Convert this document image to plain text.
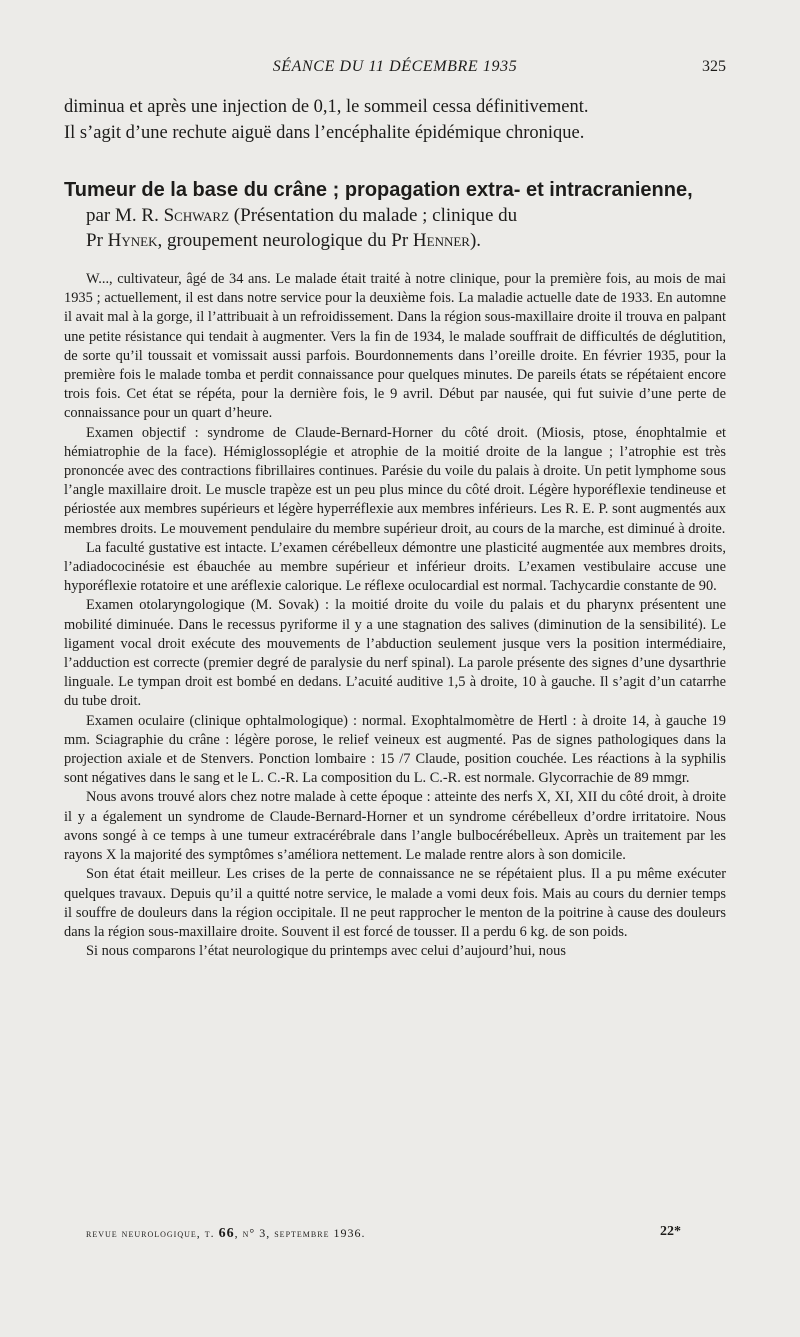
SÉANCE DU 11 DÉCEMBRE 1935	325

diminua et après une injection de 0,1, le sommeil cessa définitivement.

Il s’agit d’une rechute aiguë dans l’encéphalite épidémique chronique.

Tumeur de la base du crâne ; propagation extra- et intracranienne,
par M. R. Schwarz (Présentation du malade ; clinique du
Pr Hynek, groupement neurologique du Pr Henner).

W..., cultivateur, âgé de 34 ans. Le malade était traité à notre clinique, pour la première fois, au mois de mai 1935 ; actuellement, il est dans notre service pour la deuxième fois. La maladie actuelle date de 1933. En automne il avait mal à la gorge, il l’attribuait à un refroidissement. Dans la région sous-maxillaire droite il trouva en palpant une petite résistance qui tendait à augmenter. Vers la fin de 1934, le malade souffrait de difficultés de déglutition, de sorte qu’il toussait et vomissait aussi parfois. Bourdonnements dans l’oreille droite. En février 1935, pour la première fois le malade tomba et perdit connaissance pour quelques minutes. De pareils états se répétaient encore trois fois. Cet état se répéta, pour la dernière fois, le 9 avril. Début par nausée, qui fut suivie d’une perte de connaissance pour un quart d’heure.

Examen objectif : syndrome de Claude-Bernard-Horner du côté droit. (Miosis, ptose, énophtalmie et hémiatrophie de la face). Hémiglossoplégie et atrophie de la moitié droite de la langue ; l’atrophie est très prononcée avec des contractions fibrillaires continues. Parésie du voile du palais à droite. Un petit lymphome sous l’angle maxillaire droit. Le muscle trapèze est un peu plus mince du côté droit. Légère hyporéflexie tendineuse et périostée aux membres supérieurs et légère hyperréflexie aux membres inférieurs. Les R. E. P. sont augmentés aux membres droits. Le mouvement pendulaire du membre supérieur droit, au cours de la marche, est diminué à droite.

La faculté gustative est intacte. L’examen cérébelleux démontre une plasticité augmentée aux membres droits, l’adiadococinésie est ébauchée au membre supérieur et inférieur droits. L’examen vestibulaire accuse une hyporéflexie rotatoire et une aréflexie calorique. Le réflexe oculocardial est normal. Tachycardie constante de 90.

Examen otolaryngologique (M. Sovak) : la moitié droite du voile du palais et du pharynx présentent une mobilité diminuée. Dans le recessus pyriforme il y a une stagnation des salives (diminution de la sensibilité). Le ligament vocal droit exécute des mouvements de l’abduction seulement jusque vers la position intermédiaire, l’adduction est correcte (premier degré de paralysie du nerf spinal). La parole présente des signes d’une dysarthrie linguale. Le tympan droit est bombé en dedans. L’acuité auditive 1,5 à droite, 10 à gauche. Il s’agit d’un catarrhe du tube droit.

Examen oculaire (clinique ophtalmologique) : normal. Exophtalmomètre de Hertl : à droite 14, à gauche 19 mm. Sciagraphie du crâne : légère porose, le relief veineux est augmenté. Pas de signes pathologiques dans la projection axiale et de Stenvers. Ponction lombaire : 15 /7 Claude, position couchée. Les réactions à la syphilis sont négatives dans le sang et le L. C.-R. La composition du L. C.-R. est normale. Glycorrachie de 89 mmgr.

Nous avons trouvé alors chez notre malade à cette époque : atteinte des nerfs X, XI, XII du côté droit, à droite il y a également un syndrome de Claude-Bernard-Horner et un syndrome cérébelleux d’ordre irritatoire. Nous avons songé à ce temps à une tumeur extracérébrale dans l’angle bulbocérébelleux. Après un traitement par les rayons X la majorité des symptômes s’améliora nettement. Le malade rentre alors à son domicile.

Son état était meilleur. Les crises de la perte de connaissance ne se répétaient plus. Il a pu même exécuter quelques travaux. Depuis qu’il a quitté notre service, le malade a vomi deux fois. Mais au cours du dernier temps il souffre de douleurs dans la région occipitale. Il ne peut rapprocher le menton de la poitrine à cause des douleurs dans la région sous-maxillaire droite. Souvent il est forcé de tousser. Il a perdu 6 kg. de son poids.

Si nous comparons l’état neurologique du printemps avec celui d’aujourd’hui, nous

revue neurologique, t. 66, n° 3, septembre 1936.	22*
